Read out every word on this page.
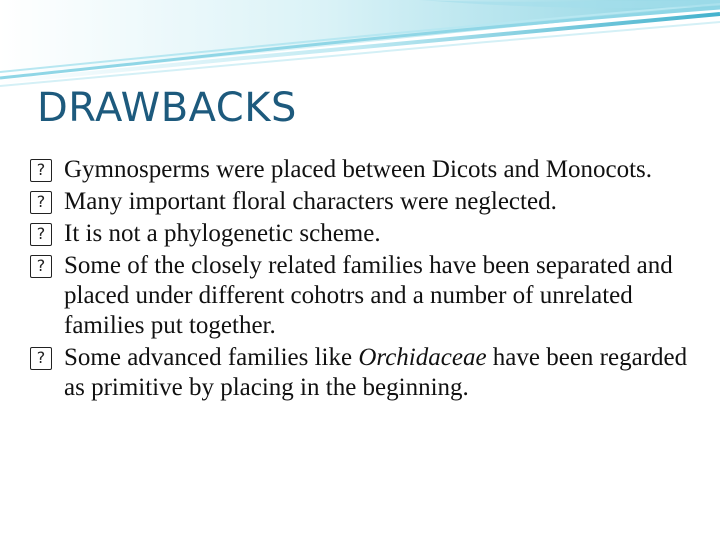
DRAWBACKS
? Gymnosperms were placed between Dicots and Monocots.
? Many important floral characters were neglected.
? It is not a phylogenetic scheme.
? Some of the closely related families have been separated and placed under different cohotrs and a number of unrelated families put together.
? Some advanced families like Orchidaceae have been regarded as primitive by placing in the beginning.
